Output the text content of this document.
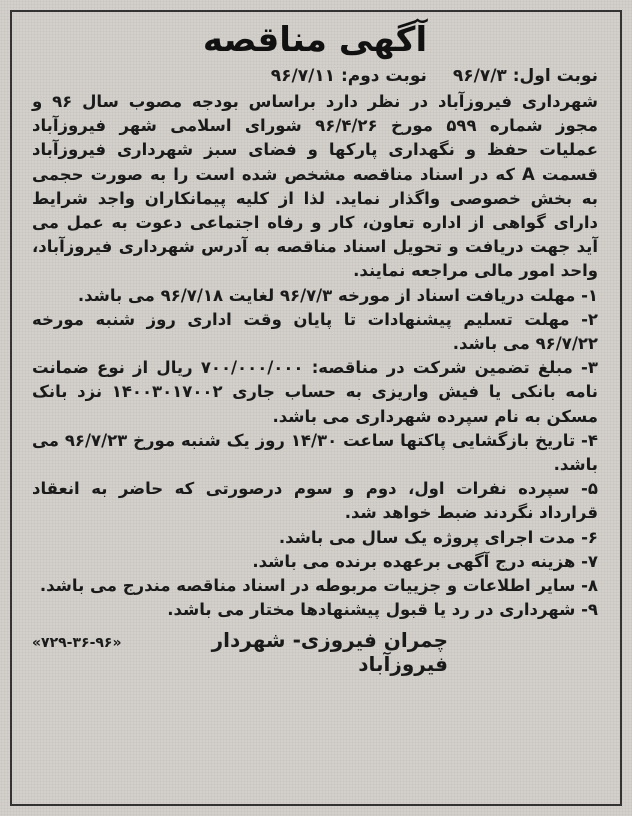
آگهی مناقصه
نوبت اول: ۹۶/۷/۳
نوبت دوم: ۹۶/۷/۱۱

شهرداری فیروزآباد در نظر دارد براساس بودجه مصوب سال ۹۶ و مجوز شماره ۵۹۹ مورخ ۹۶/۴/۲۶ شورای اسلامی شهر فیروزآباد عملیات حفظ و نگهداری پارکها و فضای سبز شهرداری فیروزآباد قسمت A که در اسناد مناقصه مشخص شده است را به صورت حجمی به بخش خصوصی واگذار نماید. لذا از کلیه پیمانکاران واجد شرایط دارای گواهی از اداره تعاون، کار و رفاه اجتماعی دعوت به عمل می آید جهت دریافت و تحویل اسناد مناقصه به آدرس شهرداری فیروزآباد، واحد امور مالی مراجعه نمایند.

۱- مهلت دریافت اسناد از مورخه ۹۶/۷/۳ لغایت ۹۶/۷/۱۸ می باشد.
۲- مهلت تسلیم پیشنهادات تا پایان وقت اداری روز شنبه مورخه ۹۶/۷/۲۲ می باشد.
۳- مبلغ تضمین شرکت در مناقصه: ۷۰۰/۰۰۰/۰۰۰ ریال از نوع ضمانت نامه بانکی یا فیش واریزی به حساب جاری ۱۴۰۰۳۰۱۷۰۰۲ نزد بانک مسکن به نام سپرده شهرداری می باشد.
۴- تاریخ بازگشایی پاکتها ساعت ۱۴/۳۰ روز یک شنبه مورخ ۹۶/۷/۲۳ می باشد.
۵- سپرده نفرات اول، دوم و سوم درصورتی که حاضر به انعقاد قرارداد نگردند ضبط خواهد شد.
۶- مدت اجرای پروژه یک سال می باشد.
۷- هزینه درج آگهی برعهده برنده می باشد.
۸- سایر اطلاعات و جزییات مربوطه در اسناد مناقصه مندرج می باشد.
۹- شهرداری در رد یا قبول پیشنهادها مختار می باشد.
چمران فیروزی- شهردار فیروزآباد
«۷۲۹-۳۶-۹۶»
